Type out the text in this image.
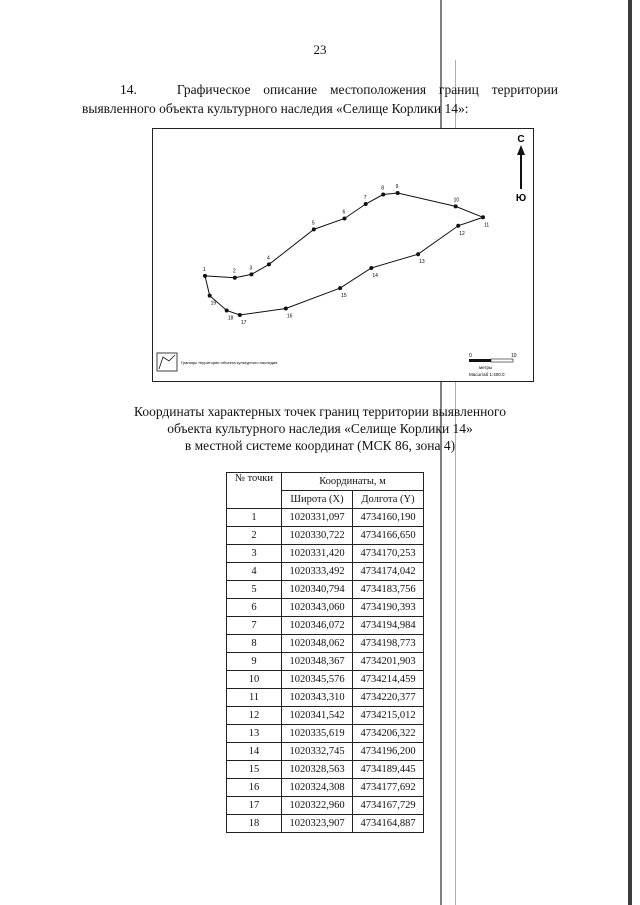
23
14.	Графическое описание местоположения границ территории выявленного объекта культурного наследия «Селище Корлики 14»:
1	2
3
4
5
6
7
8 9
10
11
12
13
14
15
16
17
18
19
С
Ю
Границы территории объекта культурного наследия
0	10
метры
Масштаб 1:400.0
Координаты характерных точек границ территории выявленного
объекта культурного наследия «Селище Корлики 14»
в местной системе координат (МСК 86, зона 4)
№ точки	Координаты, м	
	Широта (X)	Долгота (Y)
1	1020331,097	4734160,190
2	1020330,722	4734166,650
3	1020331,420	4734170,253
4	1020333,492	4734174,042
5	1020340,794	4734183,756
6	1020343,060	4734190,393
7	1020346,072	4734194,984
8	1020348,062	4734198,773
9	1020348,367	4734201,903
10	1020345,576	4734214,459
11	1020343,310	4734220,377
12	1020341,542	4734215,012
13	1020335,619	4734206,322
14	1020332,745	4734196,200
15	1020328,563	4734189,445
16	1020324,308	4734177,692
17	1020322,960	4734167,729
18	1020323,907	4734164,887
